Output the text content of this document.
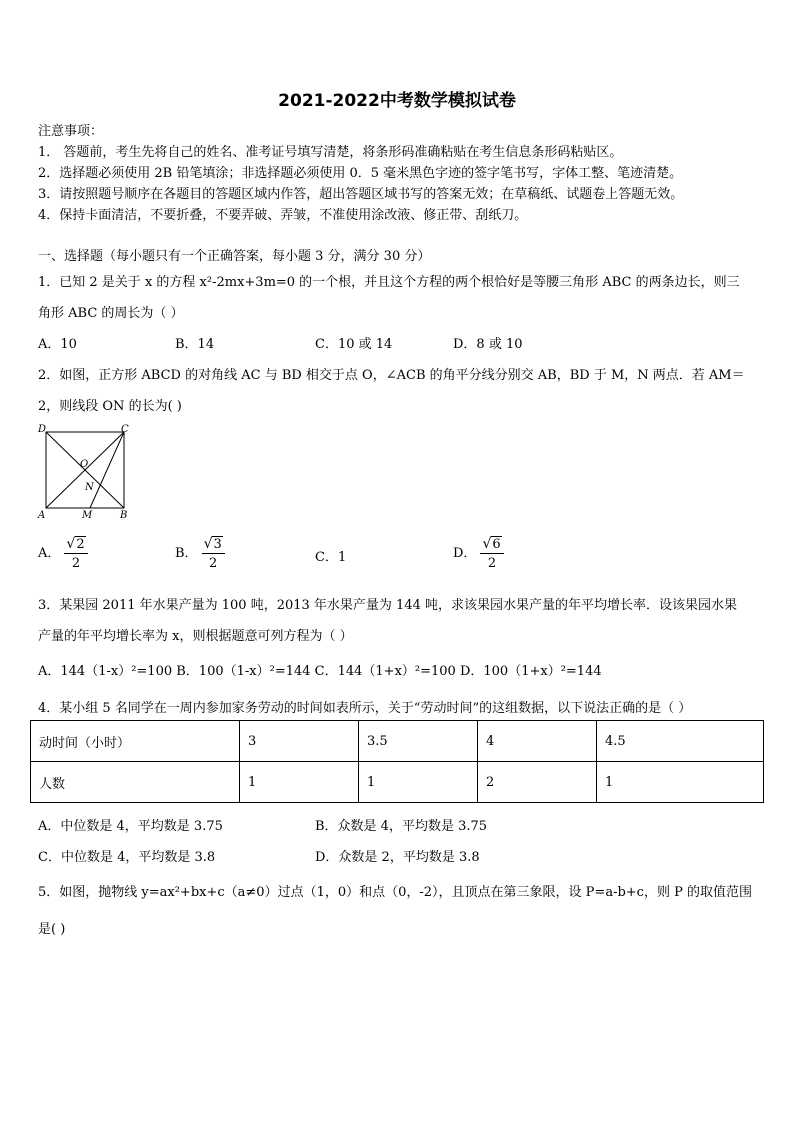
2021-2022中考数学模拟试卷
注意事项：
1． 答题前，考生先将自己的姓名、准考证号填写清楚，将条形码准确粘贴在考生信息条形码粘贴区。
2．选择题必须使用 2B 铅笔填涂；非选择题必须使用 0．5 毫米黑色字迹的签字笔书写，字体工整、笔迹清楚。
3．请按照题号顺序在各题目的答题区域内作答，超出答题区域书写的答案无效；在草稿纸、试题卷上答题无效。
4．保持卡面清洁，不要折叠，不要弄破、弄皱，不准使用涂改液、修正带、刮纸刀。
一、选择题（每小题只有一个正确答案，每小题 3 分，满分 30 分）
1．已知 2 是关于 x 的方程 x²-2mx+3m=0 的一个根，并且这个方程的两个根恰好是等腰三角形 ABC 的两条边长，则三
角形 ABC 的周长为（ ）
A．10	B．14	C．10 或 14	D．8 或 10
2．如图，正方形 ABCD 的对角线 AC 与 BD 相交于点 O，∠ACB 的角平分线分别交 AB，BD 于 M，N 两点．若 AM＝
2，则线段 ON 的长为( )
D	C
O
N
A	M	B
A． $\frac{√2}{2}$	B． $\frac{√3}{2}$	C．1	D． $\frac{√6}{2}$
3．某果园 2011 年水果产量为 100 吨，2013 年水果产量为 144 吨，求该果园水果产量的年平均增长率．设该果园水果
产量的年平均增长率为 x，则根据题意可列方程为（ ）
A．144（1-x）²=100 B．100（1-x）²=144 C．144（1+x）²=100 D．100（1+x）²=144
4．某小组 5 名同学在一周内参加家务劳动的时间如表所示，关于“劳动时间”的这组数据，以下说法正确的是（ ）
动时间（小时）	3	3.5	4	4.5
人数	1	1	2	1
A．中位数是 4，平均数是 3.75	B．众数是 4，平均数是 3.75
C．中位数是 4，平均数是 3.8	D．众数是 2，平均数是 3.8
5．如图，抛物线 y=ax²+bx+c（a≠0）过点（1，0）和点（0，-2），且顶点在第三象限，设 P=a-b+c，则 P 的取值范围
是( )
